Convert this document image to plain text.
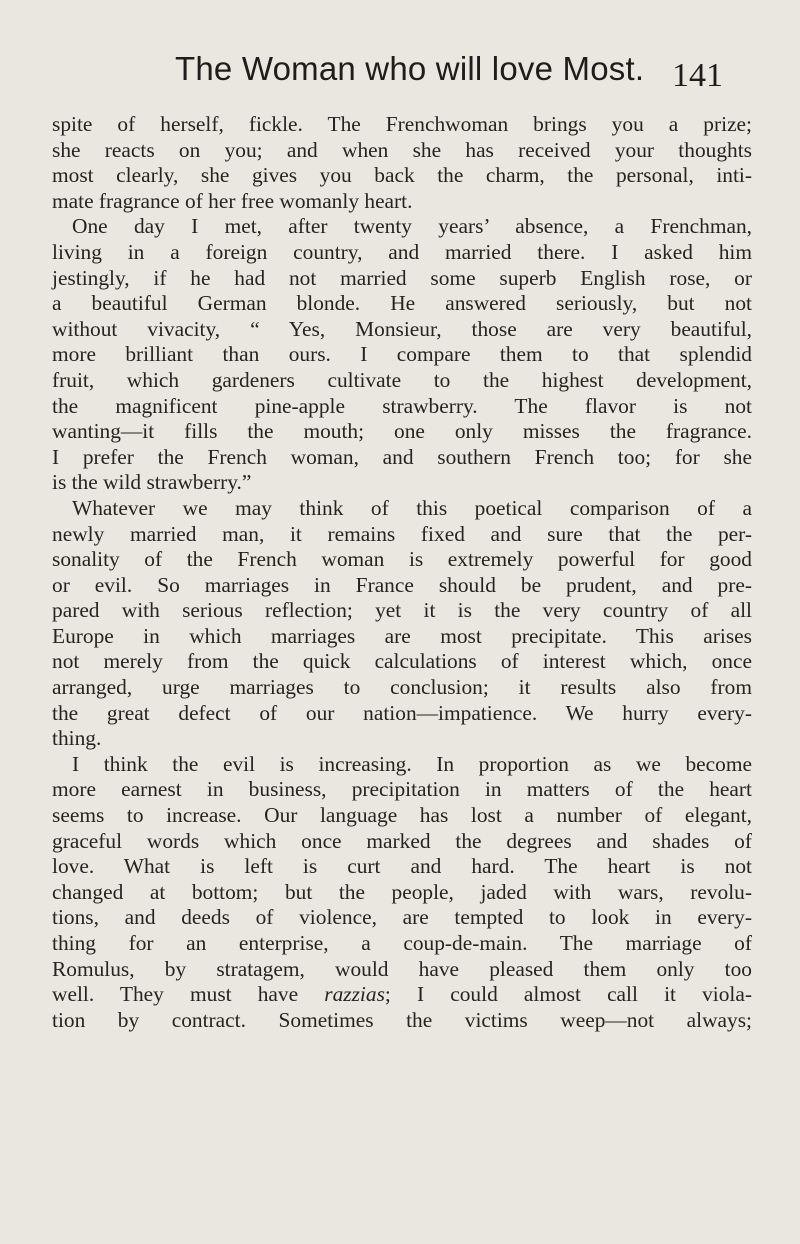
The Woman who will love Most. 141
spite of herself, fickle. The Frenchwoman brings you a prize;
she reacts on you; and when she has received your thoughts
most clearly, she gives you back the charm, the personal, inti-
mate fragrance of her free womanly heart.
One day I met, after twenty years’ absence, a Frenchman,
living in a foreign country, and married there. I asked him
jestingly, if he had not married some superb English rose, or
a beautiful German blonde. He answered seriously, but not
without vivacity, “ Yes, Monsieur, those are very beautiful,
more brilliant than ours. I compare them to that splendid
fruit, which gardeners cultivate to the highest development,
the magnificent pine-apple strawberry. The flavor is not
wanting—it fills the mouth; one only misses the fragrance.
I prefer the French woman, and southern French too; for she
is the wild strawberry.”
Whatever we may think of this poetical comparison of a
newly married man, it remains fixed and sure that the per-
sonality of the French woman is extremely powerful for good
or evil. So marriages in France should be prudent, and pre-
pared with serious reflection; yet it is the very country of all
Europe in which marriages are most precipitate. This arises
not merely from the quick calculations of interest which, once
arranged, urge marriages to conclusion; it results also from
the great defect of our nation—impatience. We hurry every-
thing.
I think the evil is increasing. In proportion as we become
more earnest in business, precipitation in matters of the heart
seems to increase. Our language has lost a number of elegant,
graceful words which once marked the degrees and shades of
love. What is left is curt and hard. The heart is not
changed at bottom; but the people, jaded with wars, revolu-
tions, and deeds of violence, are tempted to look in every-
thing for an enterprise, a coup-de-main. The marriage of
Romulus, by stratagem, would have pleased them only too
well. They must have razzias; I could almost call it viola-
tion by contract. Sometimes the victims weep—not always;
